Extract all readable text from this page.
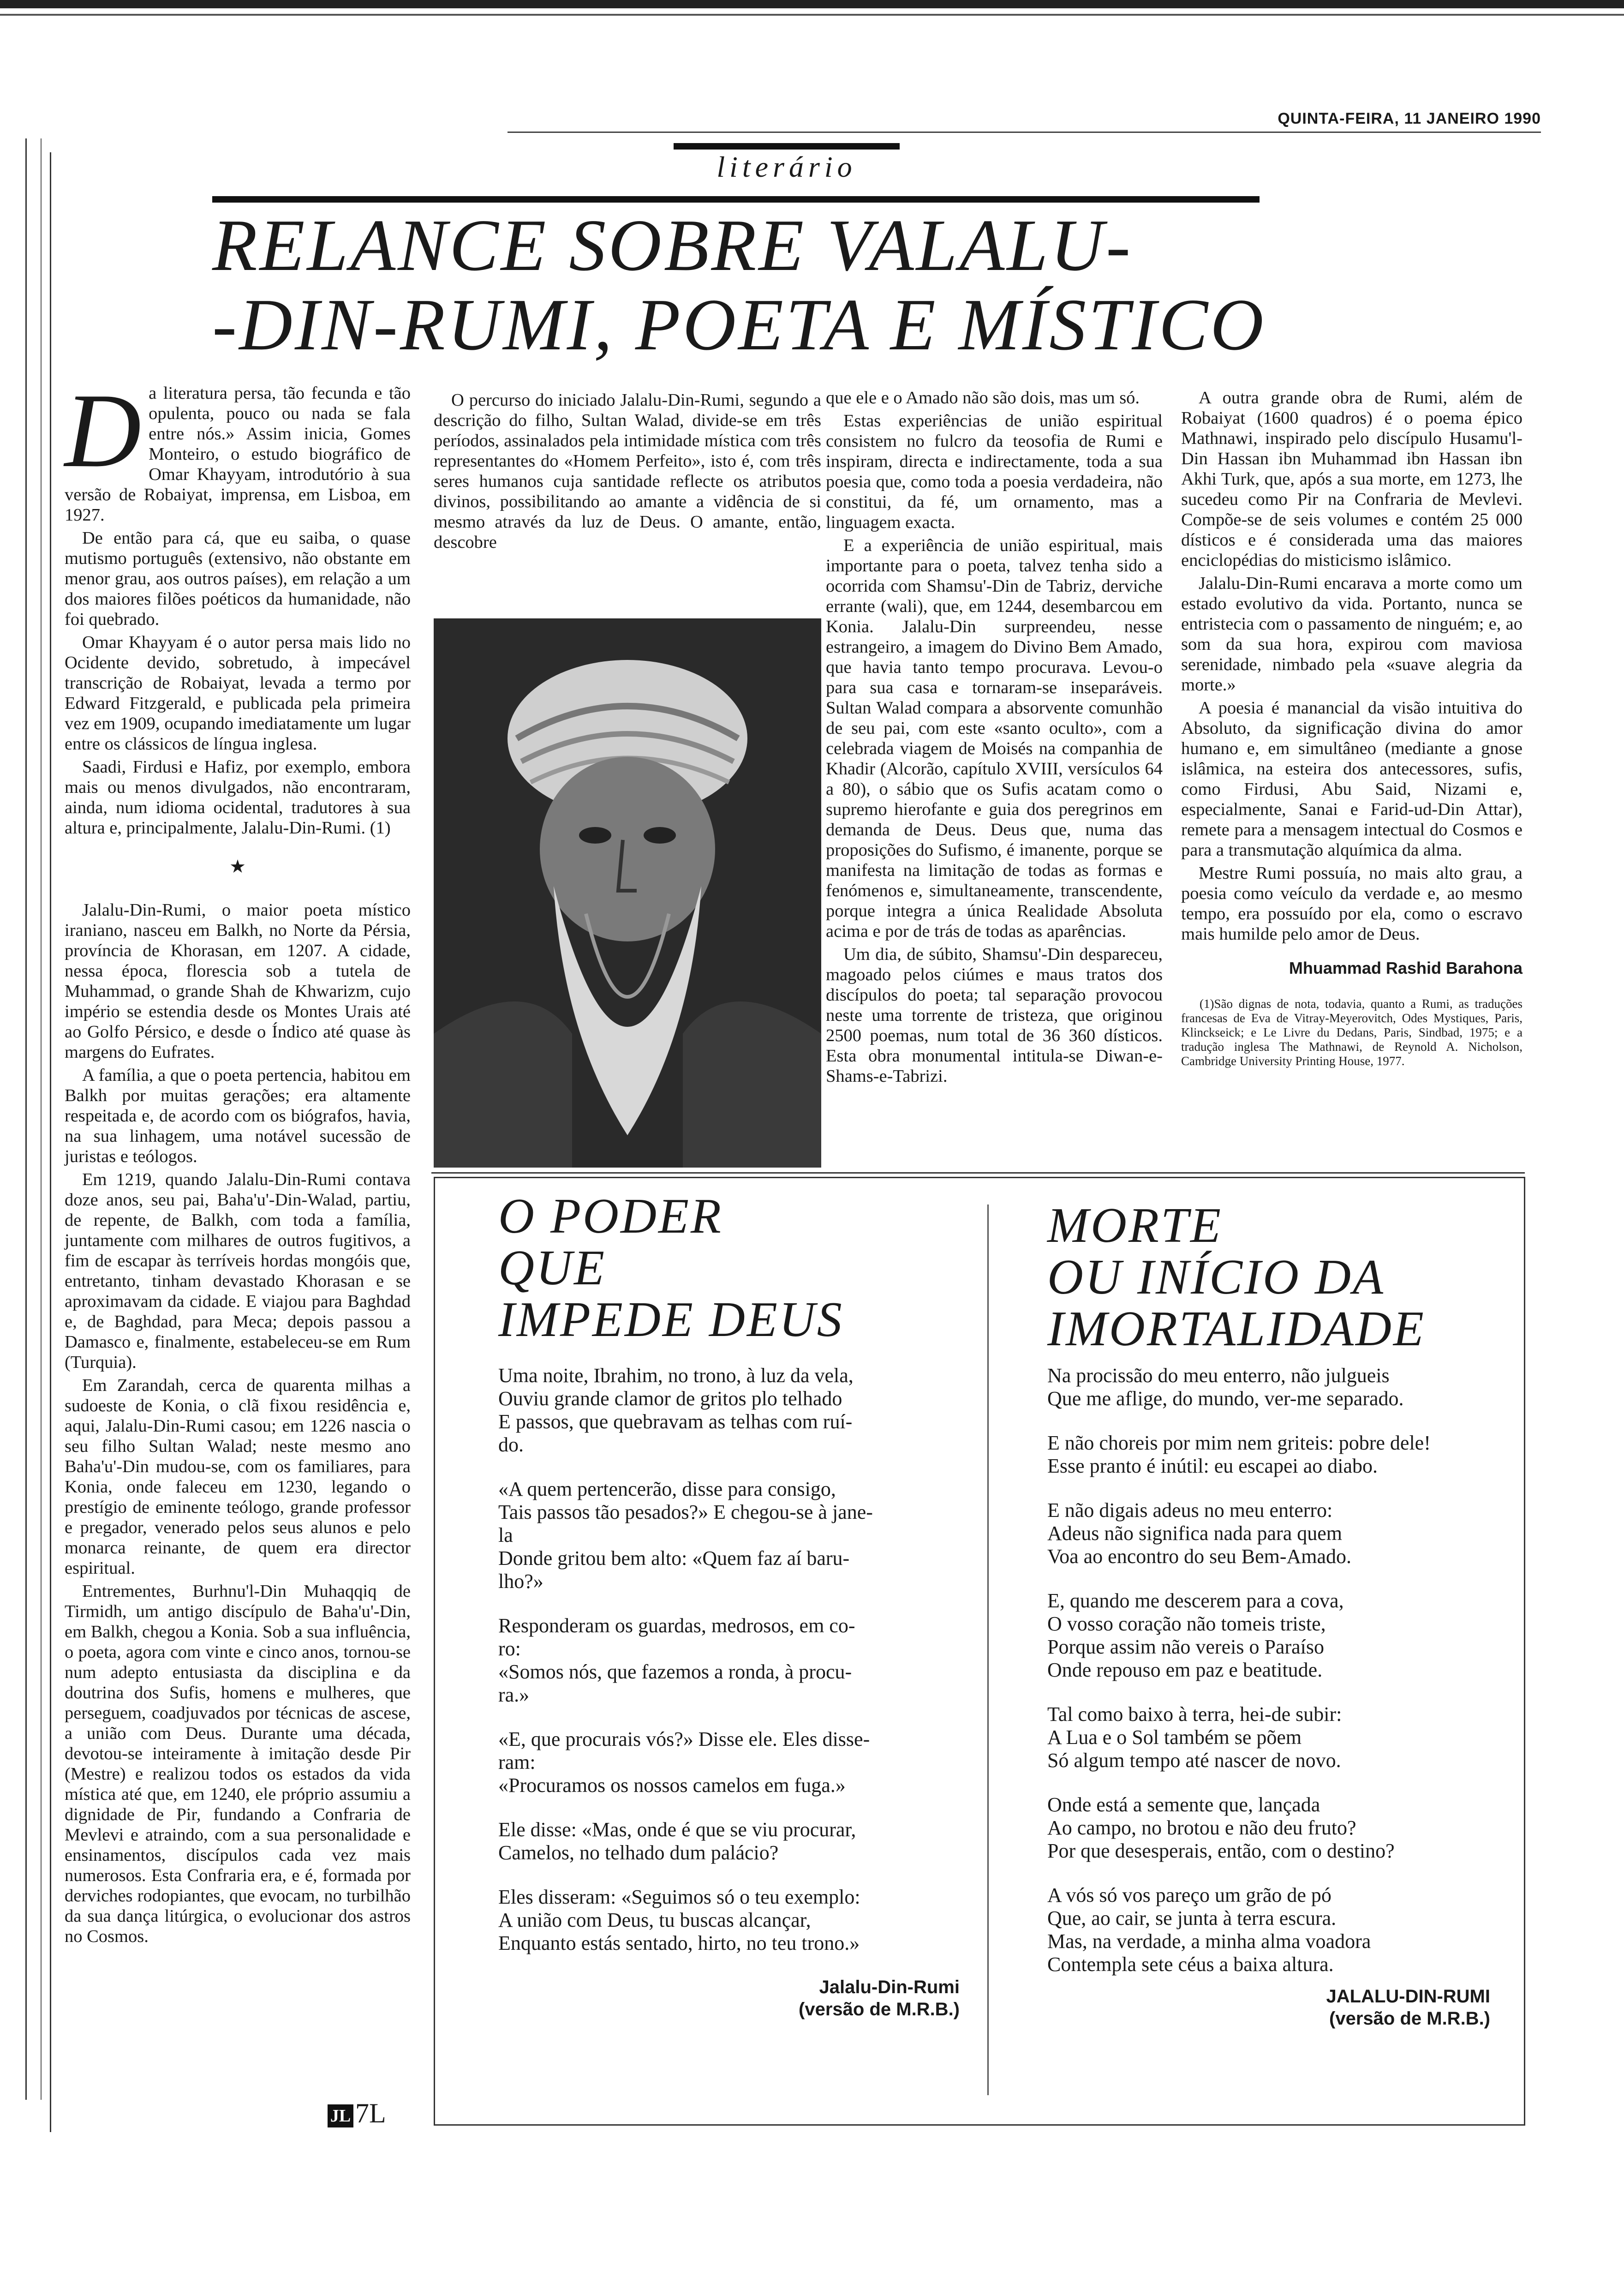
QUINTA-FEIRA, 11 JANEIRO 1990
literário
RELANCE SOBRE VALALU-
-DIN-RUMI, POETA E MÍSTICO

Da literatura persa, tão fecunda e tão opulenta, pouco ou nada se fala entre nós.» Assim inicia, Gomes Monteiro, o estudo biográfico de Omar Khayyam, introdutório à sua versão de Robaiyat, imprensa, em Lisboa, em 1927.

De então para cá, que eu saiba, o quase mutismo português (extensivo, não obstante em menor grau, aos outros países), em relação a um dos maiores filões poéticos da humanidade, não foi quebrado.

Omar Khayyam é o autor persa mais lido no Ocidente devido, sobretudo, à impecável transcrição de Robaiyat, levada a termo por Edward Fitzgerald, e publicada pela primeira vez em 1909, ocupando imediatamente um lugar entre os clássicos de língua inglesa.

Saadi, Firdusi e Hafiz, por exemplo, embora mais ou menos divulgados, não encontraram, ainda, num idioma ocidental, tradutores à sua altura e, principalmente, Jalalu-Din-Rumi. (1)

★

Jalalu-Din-Rumi, o maior poeta místico iraniano, nasceu em Balkh, no Norte da Pérsia, província de Khorasan, em 1207. A cidade, nessa época, florescia sob a tutela de Muhammad, o grande Shah de Khwarizm, cujo império se estendia desde os Montes Urais até ao Golfo Pérsico, e desde o Índico até quase às margens do Eufrates.

A família, a que o poeta pertencia, habitou em Balkh por muitas gerações; era altamente respeitada e, de acordo com os biógrafos, havia, na sua linhagem, uma notável sucessão de juristas e teólogos.

Em 1219, quando Jalalu-Din-Rumi contava doze anos, seu pai, Baha'u'-Din-Walad, partiu, de repente, de Balkh, com toda a família, juntamente com milhares de outros fugitivos, a fim de escapar às terríveis hordas mongóis que, entretanto, tinham devastado Khorasan e se aproximavam da cidade. E viajou para Baghdad e, de Baghdad, para Meca; depois passou a Damasco e, finalmente, estabeleceu-se em Rum (Turquia).

Em Zarandah, cerca de quarenta milhas a sudoeste de Konia, o clã fixou residência e, aqui, Jalalu-Din-Rumi casou; em 1226 nascia o seu filho Sultan Walad; neste mesmo ano Baha'u'-Din mudou-se, com os familiares, para Konia, onde faleceu em 1230, legando o prestígio de eminente teólogo, grande professor e pregador, venerado pelos seus alunos e pelo monarca reinante, de quem era director espiritual.

Entrementes, Burhnu'l-Din Muhaqqiq de Tirmidh, um antigo discípulo de Baha'u'-Din, em Balkh, chegou a Konia. Sob a sua influência, o poeta, agora com vinte e cinco anos, tornou-se num adepto entusiasta da disciplina e da doutrina dos Sufis, homens e mulheres, que perseguem, coadjuvados por técnicas de ascese, a união com Deus. Durante uma década, devotou-se inteiramente à imitação desde Pir (Mestre) e realizou todos os estados da vida mística até que, em 1240, ele próprio assumiu a dignidade de Pir, fundando a Confraria de Mevlevi e atraindo, com a sua personalidade e ensinamentos, discípulos cada vez mais numerosos. Esta Confraria era, e é, formada por derviches rodopiantes, que evocam, no turbilhão da sua dança litúrgica, o evolucionar dos astros no Cosmos.

O percurso do iniciado Jalalu-Din-Rumi, segundo a descrição do filho, Sultan Walad, divide-se em três períodos, assinalados pela intimidade mística com três representantes do «Homem Perfeito», isto é, com três seres humanos cuja santidade reflecte os atributos divinos, possibilitando ao amante a vidência de si mesmo através da luz de Deus. O amante, então, descobre

que ele e o Amado não são dois, mas um só.

Estas experiências de união espiritual consistem no fulcro da teosofia de Rumi e inspiram, directa e indirectamente, toda a sua poesia que, como toda a poesia verdadeira, não constitui, da fé, um ornamento, mas a linguagem exacta.

E a experiência de união espiritual, mais importante para o poeta, talvez tenha sido a ocorrida com Shamsu'-Din de Tabriz, derviche errante (wali), que, em 1244, desembarcou em Konia. Jalalu-Din surpreendeu, nesse estrangeiro, a imagem do Divino Bem Amado, que havia tanto tempo procurava. Levou-o para sua casa e tornaram-se inseparáveis. Sultan Walad compara a absorvente comunhão de seu pai, com este «santo oculto», com a celebrada viagem de Moisés na companhia de Khadir (Alcorão, capítulo XVIII, versículos 64 a 80), o sábio que os Sufis acatam como o supremo hierofante e guia dos peregrinos em demanda de Deus. Deus que, numa das proposições do Sufismo, é imanente, porque se manifesta na limitação de todas as formas e fenómenos e, simultaneamente, transcendente, porque integra a única Realidade Absoluta acima e por de trás de todas as aparências.

Um dia, de súbito, Shamsu'-Din despareceu, magoado pelos ciúmes e maus tratos dos discípulos do poeta; tal separação provocou neste uma torrente de tristeza, que originou 2500 poemas, num total de 36 360 dísticos. Esta obra monumental intitula-se Diwan-e-Shams-e-Tabrizi.

A outra grande obra de Rumi, além de Robaiyat (1600 quadros) é o poema épico Mathnawi, inspirado pelo discípulo Husamu'l-Din Hassan ibn Muhammad ibn Hassan ibn Akhi Turk, que, após a sua morte, em 1273, lhe sucedeu como Pir na Confraria de Mevlevi. Compõe-se de seis volumes e contém 25 000 dísticos e é considerada uma das maiores enciclopédias do misticismo islâmico.

Jalalu-Din-Rumi encarava a morte como um estado evolutivo da vida. Portanto, nunca se entristecia com o passamento de ninguém; e, ao som da sua hora, expirou com maviosa serenidade, nimbado pela «suave alegria da morte.»

A poesia é manancial da visão intuitiva do Absoluto, da significação divina do amor humano e, em simultâneo (mediante a gnose islâmica, na esteira dos antecessores, sufis, como Firdusi, Abu Said, Nizami e, especialmente, Sanai e Farid-ud-Din Attar), remete para a mensagem intectual do Cosmos e para a transmutação alquímica da alma.

Mestre Rumi possuía, no mais alto grau, a poesia como veículo da verdade e, ao mesmo tempo, era possuído por ela, como o escravo mais humilde pelo amor de Deus.

Mhuammad Rashid Barahona
(1)São dignas de nota, todavia, quanto a Rumi, as traduções francesas de Eva de Vitray-Meyerovitch, Odes Mystiques, Paris, Klinckseick; e Le Livre du Dedans, Paris, Sindbad, 1975; e a tradução inglesa The Mathnawi, de Reynold A. Nicholson, Cambridge University Printing House, 1977.
O PODER
QUE
IMPEDE DEUS
Uma noite, Ibrahim, no trono, à luz da vela,
Ouviu grande clamor de gritos plo telhado
E passos, que quebravam as telhas com ruí-
do.
«A quem pertencerão, disse para consigo,
Tais passos tão pesados?» E chegou-se à jane-
la
Donde gritou bem alto: «Quem faz aí baru-
lho?»
Responderam os guardas, medrosos, em co-
ro:
«Somos nós, que fazemos a ronda, à procu-
ra.»
«E, que procurais vós?» Disse ele. Eles disse-
ram:
«Procuramos os nossos camelos em fuga.»
Ele disse: «Mas, onde é que se viu procurar,
Camelos, no telhado dum palácio?
Eles disseram: «Seguimos só o teu exemplo:
A união com Deus, tu buscas alcançar,
Enquanto estás sentado, hirto, no teu trono.»
Jalalu-Din-Rumi
(versão de M.R.B.)
MORTE
OU INÍCIO DA
IMORTALIDADE
Na procissão do meu enterro, não julgueis
Que me aflige, do mundo, ver-me separado.
E não choreis por mim nem griteis: pobre dele!
Esse pranto é inútil: eu escapei ao diabo.
E não digais adeus no meu enterro:
Adeus não significa nada para quem
Voa ao encontro do seu Bem-Amado.
E, quando me descerem para a cova,
O vosso coração não tomeis triste,
Porque assim não vereis o Paraíso
Onde repouso em paz e beatitude.
Tal como baixo à terra, hei-de subir:
A Lua e o Sol também se põem
Só algum tempo até nascer de novo.
Onde está a semente que, lançada
Ao campo, no brotou e não deu fruto?
Por que desesperais, então, com o destino?
A vós só vos pareço um grão de pó
Que, ao cair, se junta à terra escura.
Mas, na verdade, a minha alma voadora
Contempla sete céus a baixa altura.
JALALU-DIN-RUMI
(versão de M.R.B.)
JL 7L
